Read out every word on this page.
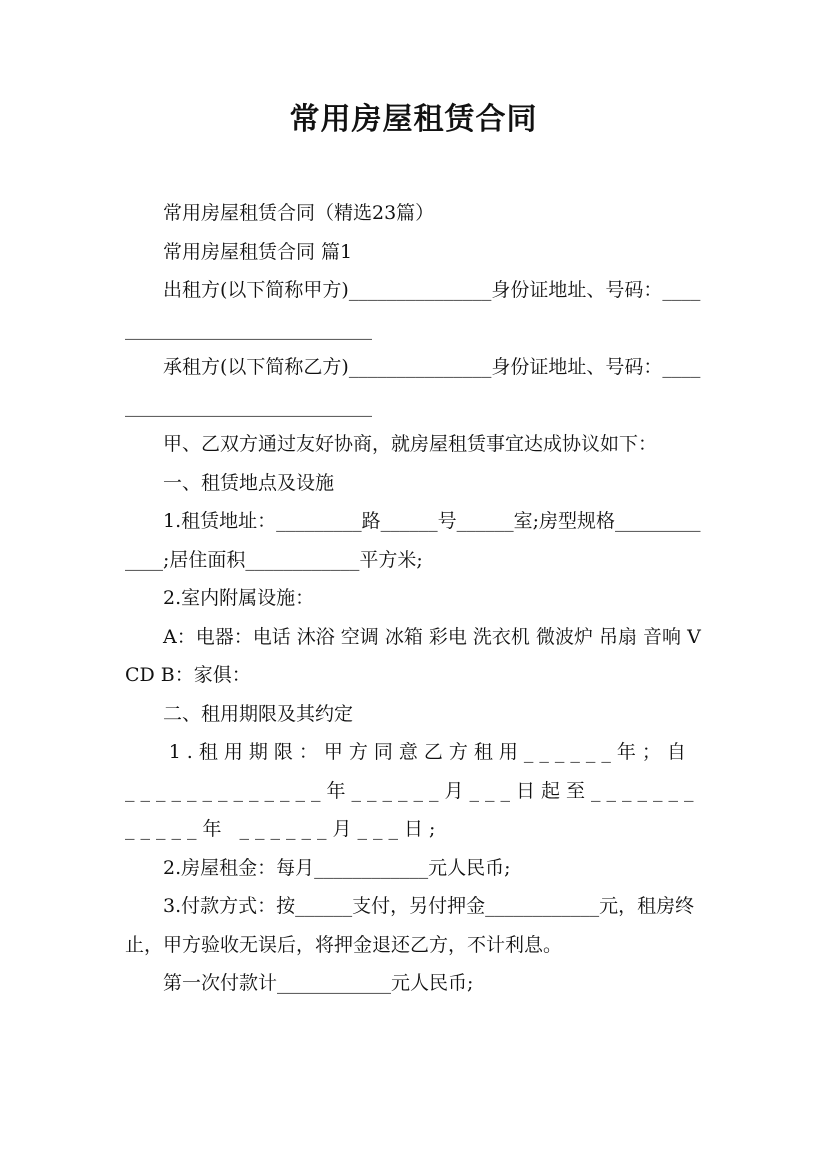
常用房屋租赁合同

常用房屋租赁合同（精选23篇）

常用房屋租赁合同 篇1

出租方(以下简称甲方)_______________身份证地址、号码：______________________________

承租方(以下简称乙方)_______________身份证地址、号码：______________________________

甲、乙双方通过友好协商，就房屋租赁事宜达成协议如下：

一、租赁地点及设施

1.租赁地址：_________路______号______室;房型规格_____________;居住面积____________平方米;

2.室内附属设施：

A：电器：电话 沐浴 空调 冰箱 彩电 洗衣机 微波炉 吊扇 音响 VCD B：家俱：

二、租用期限及其约定

1.租用期限：甲方同意乙方租用______年；自_____________年______月___日起至____________年 ______月___日;

2.房屋租金：每月____________元人民币;

3.付款方式：按______支付，另付押金____________元，租房终止，甲方验收无误后，将押金退还乙方，不计利息。

第一次付款计____________元人民币;
